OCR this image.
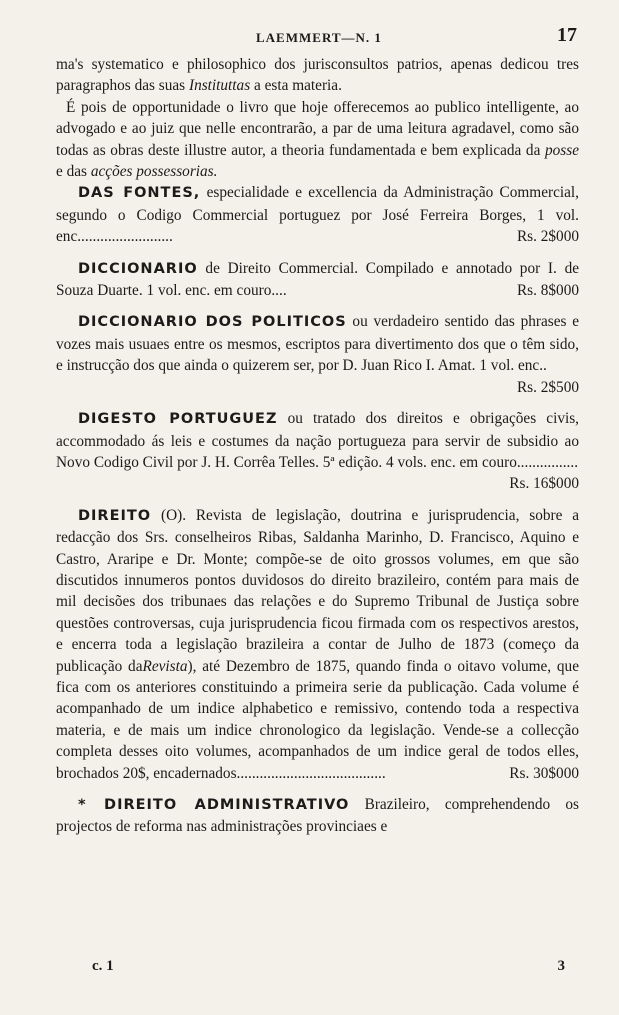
LAEMMERT—N. 1	17

ma's systematico e philosophico dos jurisconsultos patrios, apenas dedicou tres paragraphos das suas Instituttas a esta materia.

É pois de opportunidade o livro que hoje offerecemos ao publico intelligente, ao advogado e ao juiz que nelle encontrarão, a par de uma leitura agradavel, como são todas as obras deste illustre autor, a theoria fundamentada e bem explicada da posse e das acções possessorias.

DAS FONTES, especialidade e excellencia da Administração Commercial, segundo o Codigo Commercial portuguez por José Ferreira Borges, 1 vol. enc.........................	Rs. 2$000

DICCIONARIO de Direito Commercial. Compilado e annotado por I. de Souza Duarte. 1 vol. enc. em couro....	Rs. 8$000

DICCIONARIO DOS POLITICOS ou verdadeiro sentido das phrases e vozes mais usuaes entre os mesmos, escriptos para divertimento dos que o têm sido, e instrucção dos que ainda o quizerem ser, por D. Juan Rico I. Amat. 1 vol. enc..
Rs. 2$500

DIGESTO PORTUGUEZ ou tratado dos direitos e obrigações civis, accommodado ás leis e costumes da nação portugueza para servir de subsidio ao Novo Codigo Civil por J. H. Corrêa Telles. 5ª edição. 4 vols. enc. em couro................
Rs. 16$000

DIREITO (O). Revista de legislação, doutrina e jurisprudencia, sobre a redacção dos Srs. conselheiros Ribas, Saldanha Marinho, D. Francisco, Aquino e Castro, Araripe e Dr. Monte; compõe-se de oito grossos volumes, em que são discutidos innumeros pontos duvidosos do direito brazileiro, contém para mais de mil decisões dos tribunaes das relações e do Supremo Tribunal de Justiça sobre questões controversas, cuja jurisprudencia ficou firmada com os respectivos arestos, e encerra toda a legislação brazileira a contar de Julho de 1873 (começo da publicação daRevista), até Dezembro de 1875, quando finda o oitavo volume, que fica com os anteriores constituindo a primeira serie da publicação. Cada volume é acompanhado de um indice alphabetico e remissivo, contendo toda a respectiva materia, e de mais um indice chronologico da legislação. Vende-se a collecção completa desses oito volumes, acompanhados de um indice geral de todos elles, brochados 20$, encadernados.......................................	Rs. 30$000

* DIREITO ADMINISTRATIVO Brazileiro, comprehendendo os projectos de reforma nas administrações provinciaes e

c. 1	3
